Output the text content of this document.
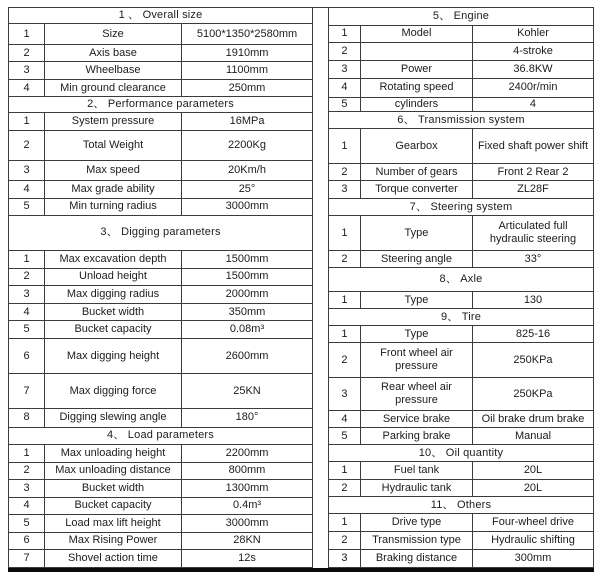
1 、 Overall size		
1	Size	5100*1350*2580mm
2	Axis base	1910mm
3	Wheelbase	1100mm
4	Min ground clearance	250mm
2、 Performance parameters		
1	System pressure	16MPa
2	Total Weight	2200Kg
3	Max speed	20Km/h
4	Max grade ability	25°
5	Min turning radius	3000mm
3、 Digging parameters		
1	Max excavation depth	1500mm
2	Unload height	1500mm
3	Max digging radius	2000mm
4	Bucket width	350mm
5	Bucket capacity	0.08m³
6	Max digging height	2600mm
7	Max digging force	25KN
8	Digging slewing angle	180°
4、 Load parameters		
1	Max unloading height	2200mm
2	Max unloading distance	800mm
3	Bucket width	1300mm
4	Bucket capacity	0.4m³
5	Load max lift height	3000mm
6	Max Rising Power	28KN
7	Shovel action time	12s
5、 Engine		
1	Model	Kohler
2		4-stroke
3	Power	36.8KW
4	Rotating speed	2400r/min
5	cylinders	4
6、 Transmission system		
1	Gearbox	Fixed shaft power shift
2	Number of gears	Front 2 Rear 2
3	Torque converter	ZL28F
7、 Steering system		
1	Type	Articulated full hydraulic steering
2	Steering angle	33°
8、 Axle		
1	Type	130
9、 Tire		
1	Type	825-16
2	Front wheel air pressure	250KPa
3	Rear wheel air pressure	250KPa
4	Service brake	Oil brake drum brake
5	Parking brake	Manual
10、 Oil quantity		
1	Fuel tank	20L
2	Hydraulic tank	20L
11、 Others		
1	Drive type	Four-wheel drive
2	Transmission type	Hydraulic shifting
3	Braking distance	300mm
